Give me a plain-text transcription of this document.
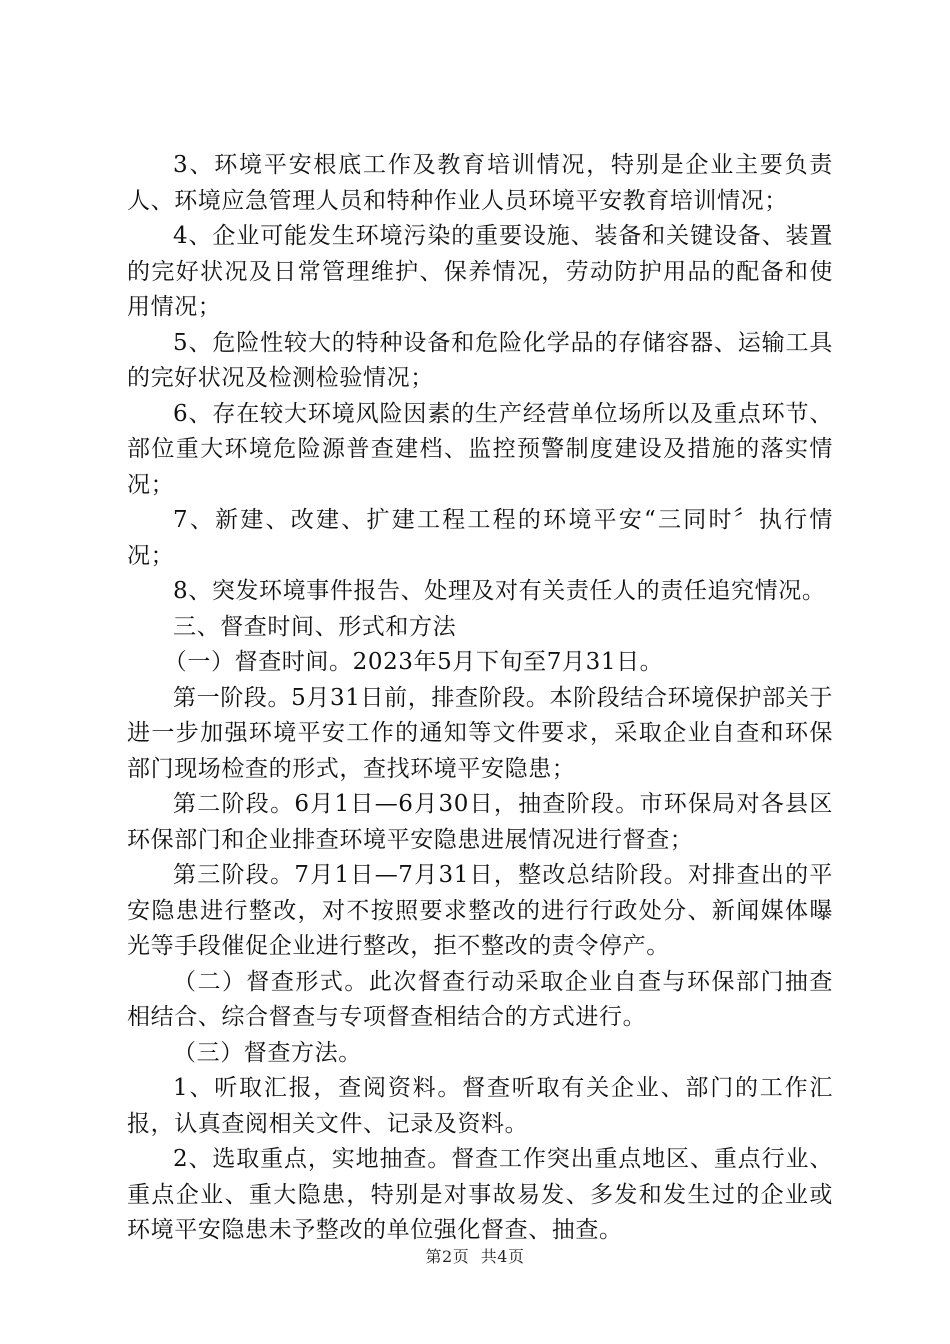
3、环境平安根底工作及教育培训情况，特别是企业主要负责人、环境应急管理人员和特种作业人员环境平安教育培训情况；

4、企业可能发生环境污染的重要设施、装备和关键设备、装置的完好状况及日常管理维护、保养情况，劳动防护用品的配备和使用情况；

5、危险性较大的特种设备和危险化学品的存储容器、运输工具的完好状况及检测检验情况；

6、存在较大环境风险因素的生产经营单位场所以及重点环节、部位重大环境危险源普查建档、监控预警制度建设及措施的落实情况；

7、新建、改建、扩建工程工程的环境平安“三同时〞执行情况；

8、突发环境事件报告、处理及对有关责任人的责任追究情况。

三、督查时间、形式和方法

（一）督查时间。2023年5月下旬至7月31日。

第一阶段。5月31日前，排查阶段。本阶段结合环境保护部关于进一步加强环境平安工作的通知等文件要求，采取企业自查和环保部门现场检查的形式，查找环境平安隐患；

第二阶段。6月1日—6月30日，抽查阶段。市环保局对各县区环保部门和企业排查环境平安隐患进展情况进行督查；

第三阶段。7月1日—7月31日，整改总结阶段。对排查出的平安隐患进行整改，对不按照要求整改的进行行政处分、新闻媒体曝光等手段催促企业进行整改，拒不整改的责令停产。

（二）督查形式。此次督查行动采取企业自查与环保部门抽查相结合、综合督查与专项督查相结合的方式进行。

（三）督查方法。

1、听取汇报，查阅资料。督查听取有关企业、部门的工作汇报，认真查阅相关文件、记录及资料。

2、选取重点，实地抽查。督查工作突出重点地区、重点行业、重点企业、重大隐患，特别是对事故易发、多发和发生过的企业或环境平安隐患未予整改的单位强化督查、抽查。

第2页 共4页
